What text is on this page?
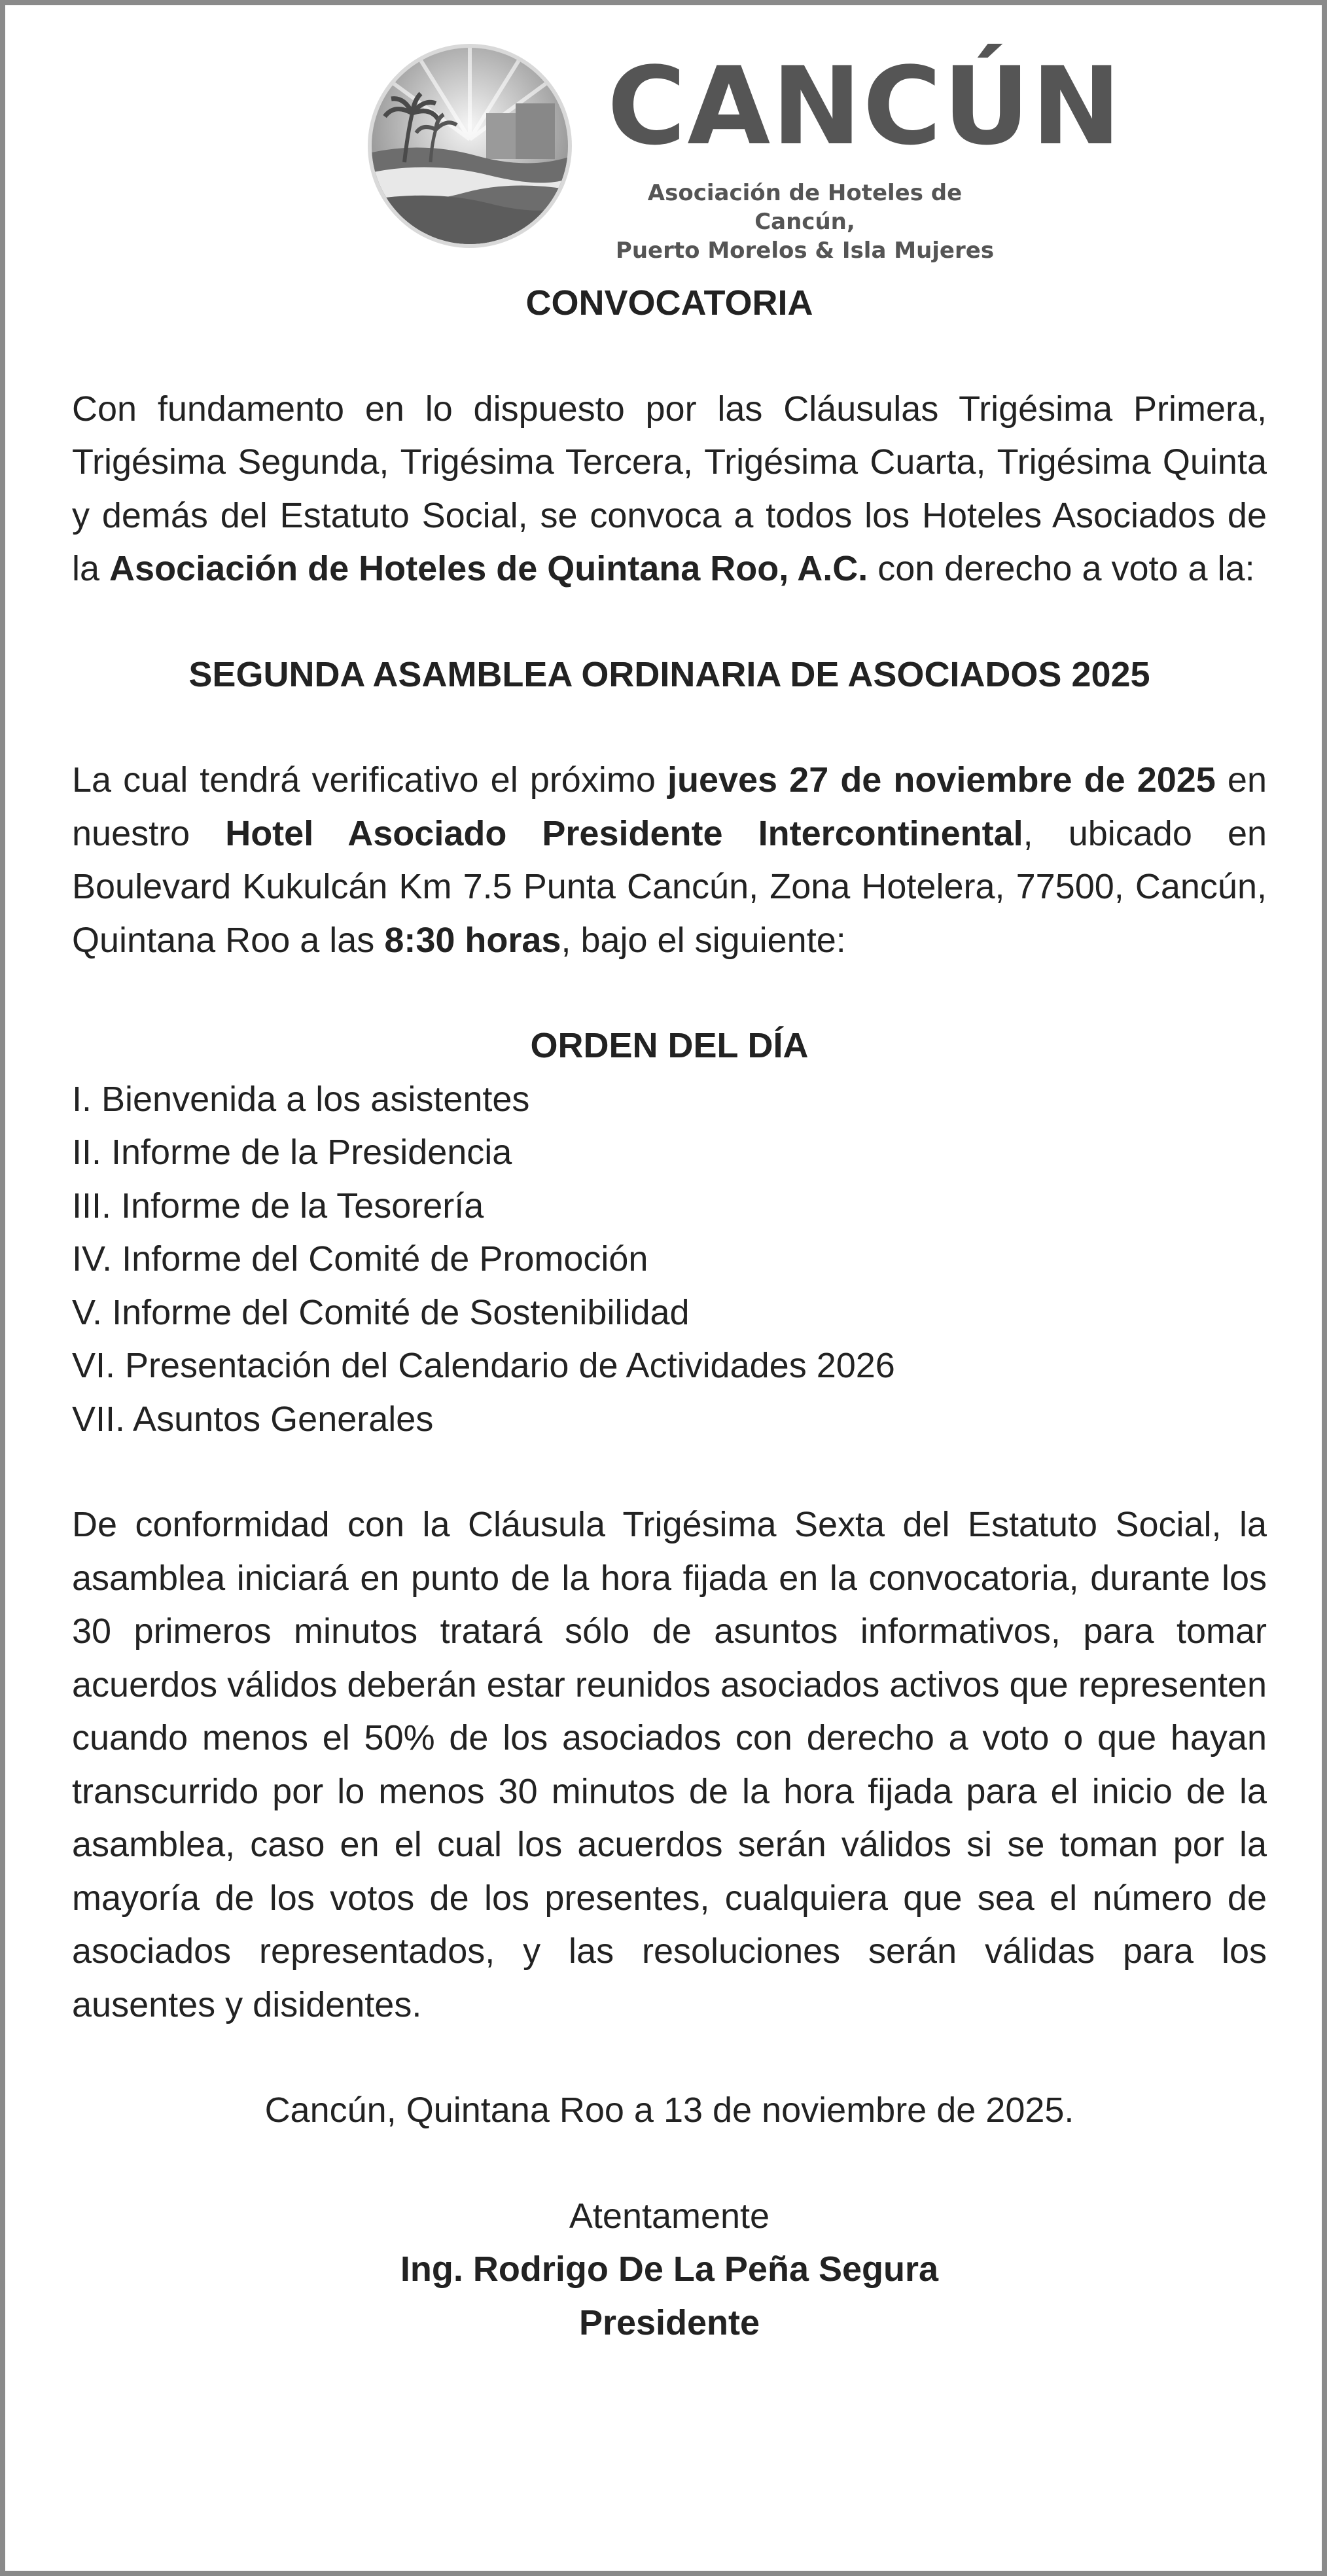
CANCÚN
Asociación de Hoteles de Cancún,
Puerto Morelos & Isla Mujeres
CONVOCATORIA

Con fundamento en lo dispuesto por las Cláusulas Trigésima Primera, Trigésima Segunda, Trigésima Tercera, Trigésima Cuarta, Trigésima Quinta y demás del Estatuto Social, se convoca a todos los Hoteles Asociados de la Asociación de Hoteles de Quintana Roo, A.C. con derecho a voto a la:

SEGUNDA ASAMBLEA ORDINARIA DE ASOCIADOS 2025

La cual tendrá verificativo el próximo jueves 27 de noviembre de 2025 en nuestro Hotel Asociado Presidente Intercontinental, ubicado en Boulevard Kukulcán Km 7.5 Punta Cancún, Zona Hotelera, 77500, Cancún, Quintana Roo a las 8:30 horas, bajo el siguiente:

ORDEN DEL DÍA
I. Bienvenida a los asistentes
II. Informe de la Presidencia
III. Informe de la Tesorería
IV. Informe del Comité de Promoción
V. Informe del Comité de Sostenibilidad
VI. Presentación del Calendario de Actividades 2026
VII. Asuntos Generales

De conformidad con la Cláusula Trigésima Sexta del Estatuto Social, la asamblea iniciará en punto de la hora fijada en la convocatoria, durante los 30 primeros minutos tratará sólo de asuntos informativos, para tomar acuerdos válidos deberán estar reunidos asociados activos que representen cuando menos el 50% de los asociados con derecho a voto o que hayan transcurrido por lo menos 30 minutos de la hora fijada para el inicio de la asamblea, caso en el cual los acuerdos serán válidos si se toman por la mayoría de los votos de los presentes, cualquiera que sea el número de asociados representados, y las resoluciones serán válidas para los ausentes y disidentes.

Cancún, Quintana Roo a 13 de noviembre de 2025.
Atentamente
Ing. Rodrigo De La Peña Segura
Presidente
